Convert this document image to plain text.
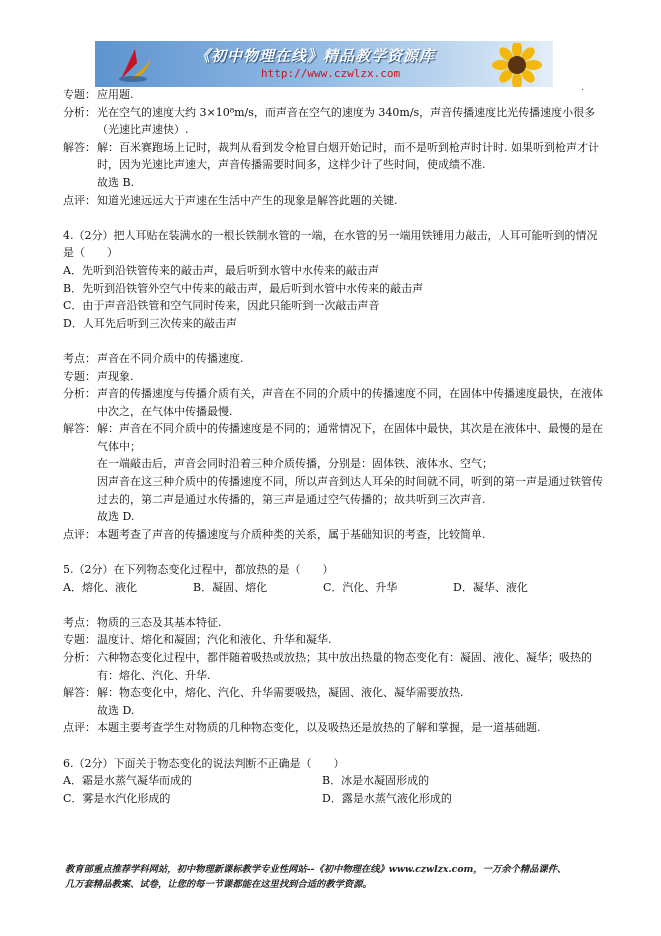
《初中物理在线》精品教学资源库
http://www.czwlzx.com
.
专题： 应用题.
分析： 光在空气的速度大约 3×10⁸m/s，而声音在空气的速度为 340m/s，声音传播速度比光传播速度小很多（光速比声速快）.
解答： 解：百米赛跑场上记时，裁判从看到发令枪冒白烟开始记时，而不是听到枪声时计时. 如果听到枪声才计时，因为光速比声速大，声音传播需要时间多，这样少计了些时间，使成绩不准.
故选 B.
点评： 知道光速远远大于声速在生活中产生的现象是解答此题的关键.
4.（2分）把人耳贴在装满水的一根长铁制水管的一端，在水管的另一端用铁锤用力敲击，人耳可能听到的情况是（　　）
A．先听到沿铁管传来的敲击声，最后听到水管中水传来的敲击声
B．先听到沿铁管外空气中传来的敲击声，最后听到水管中水传来的敲击声
C．由于声音沿铁管和空气同时传来，因此只能听到一次敲击声音
D．人耳先后听到三次传来的敲击声
考点： 声音在不同介质中的传播速度.
专题： 声现象.
分析： 声音的传播速度与传播介质有关，声音在不同的介质中的传播速度不同，在固体中传播速度最快，在液体中次之，在气体中传播最慢.
解答： 解：声音在不同介质中的传播速度是不同的；通常情况下，在固体中最快，其次是在液体中、最慢的是在气体中；
在一端敲击后，声音会同时沿着三种介质传播，分别是：固体铁、液体水、空气；
因声音在这三种介质中的传播速度不同，所以声音到达人耳朵的时间就不同，听到的第一声是通过铁管传过去的，第二声是通过水传播的，第三声是通过空气传播的；故共听到三次声音.
故选 D.
点评： 本题考查了声音的传播速度与介质种类的关系，属于基础知识的考查，比较简单.
5.（2分）在下列物态变化过程中，都放热的是（　　）
A．熔化、液化	B．凝固、熔化	C．汽化、升华	D．凝华、液化
考点： 物质的三态及其基本特征.
专题： 温度计、熔化和凝固；汽化和液化、升华和凝华.
分析： 六种物态变化过程中，都伴随着吸热或放热；其中放出热量的物态变化有：凝固、液化、凝华；吸热的有：熔化、汽化、升华.
解答： 解：物态变化中，熔化、汽化、升华需要吸热，凝固、液化、凝华需要放热.
故选 D.
点评： 本题主要考查学生对物质的几种物态变化，以及吸热还是放热的了解和掌握，是一道基础题.
6.（2分）下面关于物态变化的说法判断不正确是（　　）
A．霜是水蒸气凝华而成的	B．冰是水凝固形成的
C．雾是水汽化形成的	D．露是水蒸气液化形成的
教育部重点推荐学科网站，初中物理新课标教学专业性网站--《初中物理在线》www.czwlzx.com，一万余个精品课件、
几万套精品教案、试卷，让您的每一节课都能在这里找到合适的教学资源。
